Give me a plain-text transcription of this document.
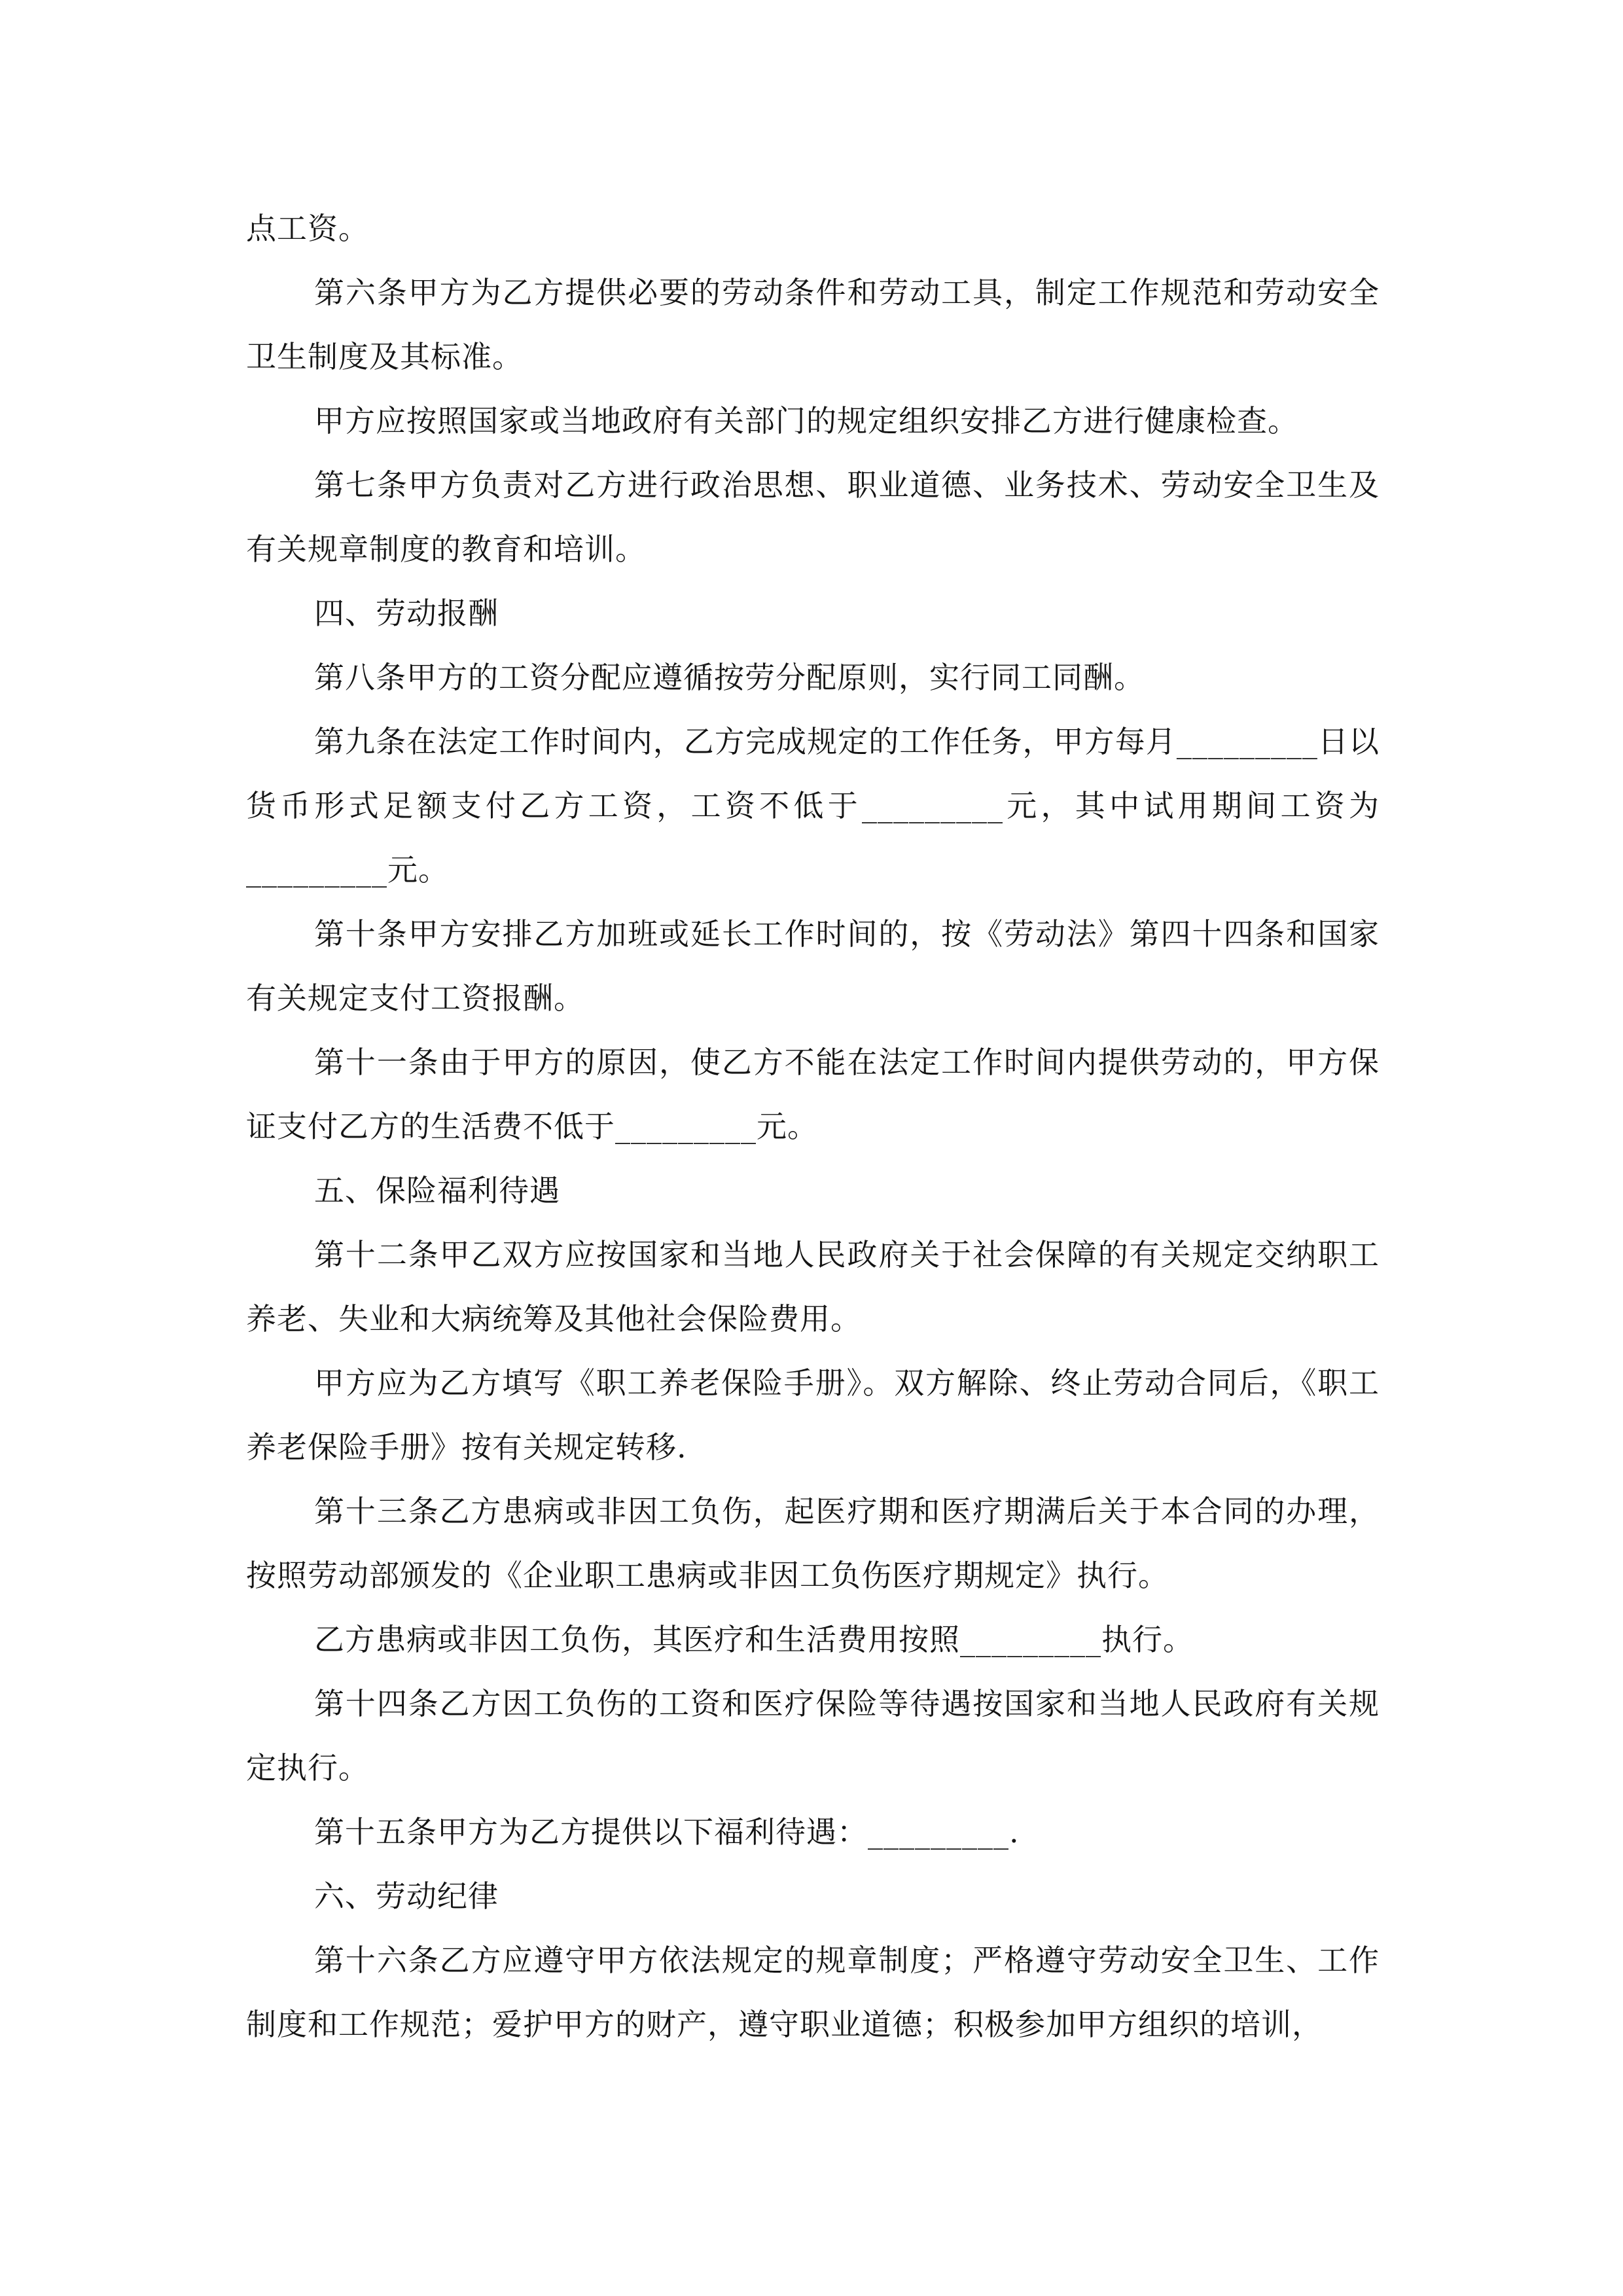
点工资。

第六条甲方为乙方提供必要的劳动条件和劳动工具，制定工作规范和劳动安全卫生制度及其标准。

甲方应按照国家或当地政府有关部门的规定组织安排乙方进行健康检查。

第七条甲方负责对乙方进行政治思想、职业道德、业务技术、劳动安全卫生及有关规章制度的教育和培训。

四、劳动报酬

第八条甲方的工资分配应遵循按劳分配原则，实行同工同酬。

第九条在法定工作时间内，乙方完成规定的工作任务，甲方每月_________日以货币形式足额支付乙方工资，工资不低于_________元，其中试用期间工资为_________元。

第十条甲方安排乙方加班或延长工作时间的，按《劳动法》第四十四条和国家有关规定支付工资报酬。

第十一条由于甲方的原因，使乙方不能在法定工作时间内提供劳动的，甲方保证支付乙方的生活费不低于_________元。

五、保险福利待遇

第十二条甲乙双方应按国家和当地人民政府关于社会保障的有关规定交纳职工养老、失业和大病统筹及其他社会保险费用。

甲方应为乙方填写《职工养老保险手册》。双方解除、终止劳动合同后，《职工养老保险手册》按有关规定转移.

第十三条乙方患病或非因工负伤，起医疗期和医疗期满后关于本合同的办理，按照劳动部颁发的《企业职工患病或非因工负伤医疗期规定》执行。

乙方患病或非因工负伤，其医疗和生活费用按照_________执行。

第十四条乙方因工负伤的工资和医疗保险等待遇按国家和当地人民政府有关规定执行。

第十五条甲方为乙方提供以下福利待遇：_________.

六、劳动纪律

第十六条乙方应遵守甲方依法规定的规章制度；严格遵守劳动安全卫生、工作制度和工作规范；爱护甲方的财产，遵守职业道德；积极参加甲方组织的培训，
